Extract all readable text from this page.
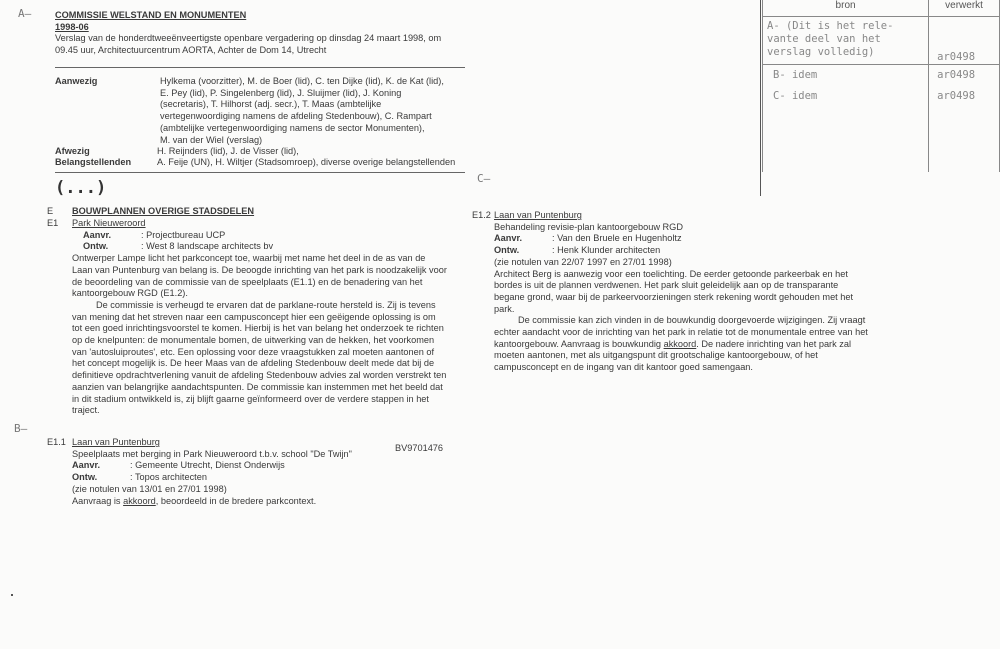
A–
B–
C–
COMMISSIE WELSTAND EN MONUMENTEN
1998-06
Verslag van de honderdtweeënveertigste openbare vergadering op dinsdag 24 maart 1998, om
09.45 uur, Architectuurcentrum AORTA, Achter de Dom 14, Utrecht
Aanwezig	Hylkema (voorzitter), M. de Boer (lid), C. ten Dijke (lid), K. de Kat (lid),
E. Pey (lid), P. Singelenberg (lid), J. Sluijmer (lid), J. Koning
(secretaris), T. Hilhorst (adj. secr.), T. Maas (ambtelijke
vertegenwoordiging namens de afdeling Stedenbouw), C. Rampart
(ambtelijke vertegenwoordiging namens de sector Monumenten),
M. van der Wiel (verslag)
Afwezig	H. Reijnders (lid), J. de Visser (lid),
Belangstellenden	A. Feije (UN), H. Wiltjer (Stadsomroep), diverse overige belangstellenden
(...)
bron	verwerkt

A- (Dit is het rele-
vante deel van het
verslag volledig)	ar0498
B- idem	ar0498
C- idem	ar0498
E BOUWPLANNEN OVERIGE STADSDELEN
E1 Park Nieuweroord
Aanvr.	: Projectbureau UCP
Ontw.	: West 8 landscape architects bv
Ontwerper Lampe licht het parkconcept toe, waarbij met name het deel in de as van de
Laan van Puntenburg van belang is. De beoogde inrichting van het park is noodzakelijk voor
de beoordeling van de commissie van de speelplaats (E1.1) en de benadering van het
kantoorgebouw RGD (E1.2).
De commissie is verheugd te ervaren dat de parklane-route hersteld is. Zij is tevens
van mening dat het streven naar een campusconcept hier een geëigende oplossing is om
tot een goed inrichtingsvoorstel te komen. Hierbij is het van belang het onderzoek te richten
op de knelpunten: de monumentale bomen, de uitwerking van de hekken, het voorkomen
van 'autosluiproutes', etc. Een oplossing voor deze vraagstukken zal moeten aantonen of
het concept mogelijk is. De heer Maas van de afdeling Stedenbouw deelt mede dat bij de
definitieve opdrachtverlening vanuit de afdeling Stedenbouw advies zal worden verstrekt ten
aanzien van belangrijke aandachtspunten. De commissie kan instemmen met het beeld dat
in dit stadium ontwikkeld is, zij blijft gaarne geïnformeerd over de verdere stappen in het
traject.
E1.2 Laan van Puntenburg
Behandeling revisie-plan kantoorgebouw RGD
Aanvr.	: Van den Bruele en Hugenholtz
Ontw.	: Henk Klunder architecten
(zie notulen van 22/07 1997 en 27/01 1998)
Architect Berg is aanwezig voor een toelichting. De eerder getoonde parkeerbak en het
bordes is uit de plannen verdwenen. Het park sluit geleidelijk aan op de transparante
begane grond, waar bij de parkeervoorzieningen sterk rekening wordt gehouden met het
park.
De commissie kan zich vinden in de bouwkundig doorgevoerde wijzigingen. Zij vraagt
echter aandacht voor de inrichting van het park in relatie tot de monumentale entree van het
kantoorgebouw. Aanvraag is bouwkundig akkoord. De nadere inrichting van het park zal
moeten aantonen, met als uitgangspunt dit grootschalige kantoorgebouw, of het
campusconcept en de ingang van dit kantoor goed samengaan.
E1.1
BV9701476
Laan van Puntenburg
Speelplaats met berging in Park Nieuweroord t.b.v. school "De Twijn"
Aanvr.	: Gemeente Utrecht, Dienst Onderwijs
Ontw.	: Topos architecten
(zie notulen van 13/01 en 27/01 1998)
Aanvraag is akkoord, beoordeeld in de bredere parkcontext.
